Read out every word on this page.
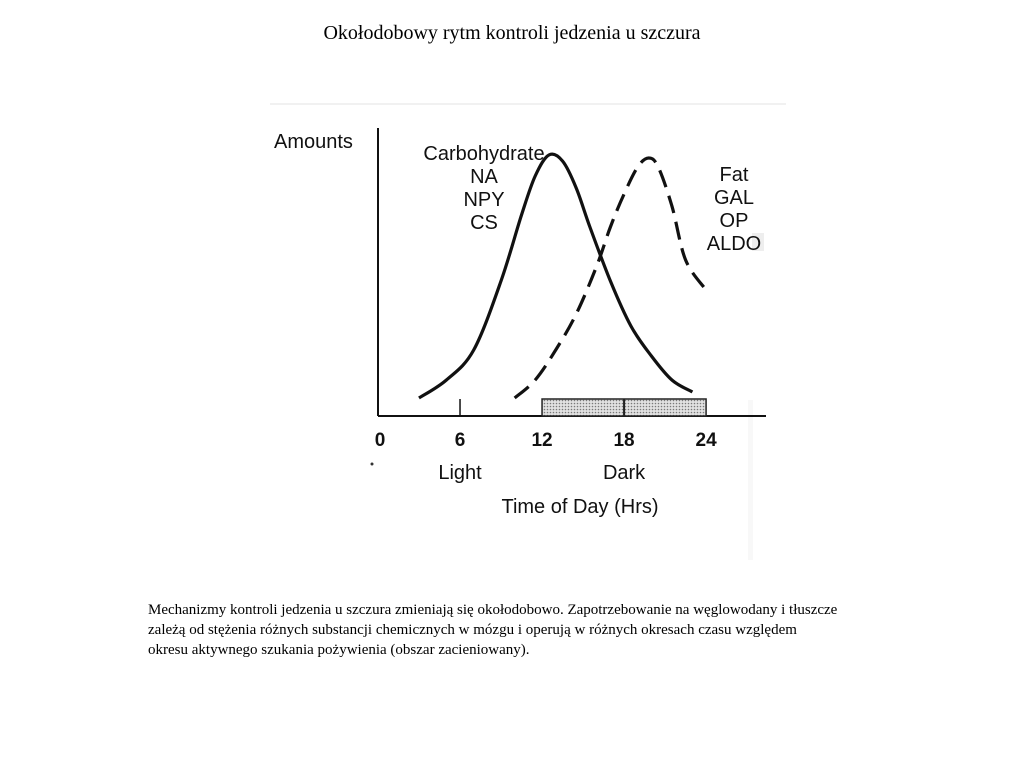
Okołodobowy rytm kontroli jedzenia u szczura
0	6	12	18	24
Light	Dark
Amounts
Time of Day (Hrs)
Carbohydrate
NA
NPY
CS
Fat
GAL
OP
ALDO
Mechanizmy kontroli jedzenia u szczura zmieniają się okołodobowo. Zapotrzebowanie na węglowodany i tłuszcze
zależą od stężenia różnych substancji chemicznych w mózgu i operują w różnych okresach czasu względem
okresu aktywnego szukania pożywienia (obszar zacieniowany).
